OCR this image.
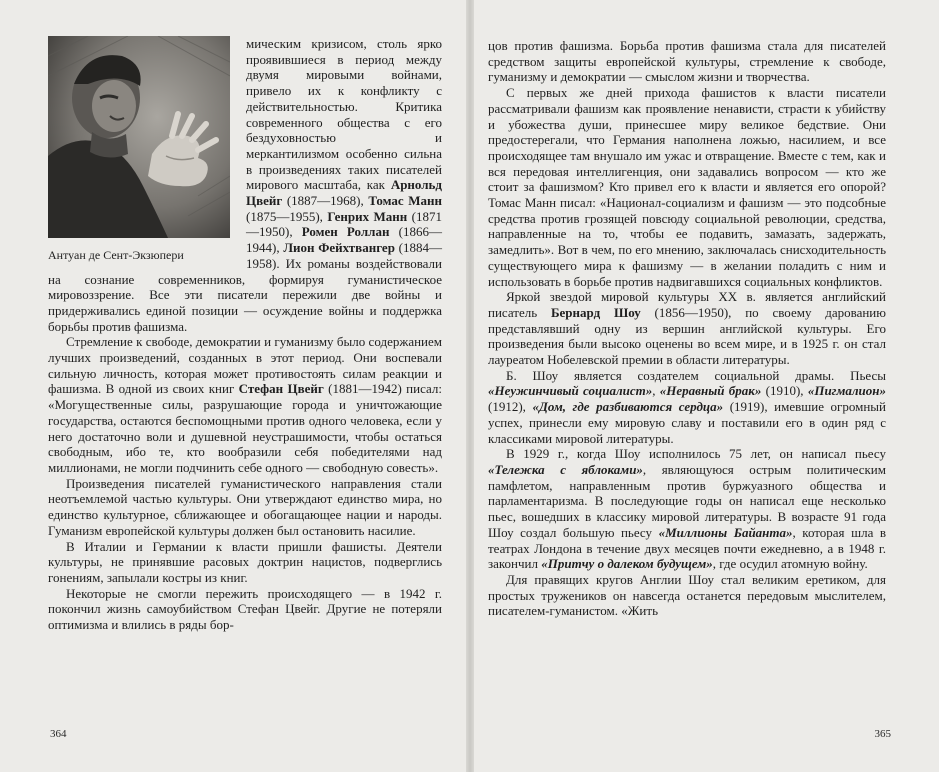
Антуан де Сент-Экзюпери

мическим кризисом, столь ярко проявившиеся в период между двумя мировыми войнами, привело их к конфликту с действительностью. Критика современного общества с его бездуховностью и меркантилизмом особенно сильна в произведениях таких писателей мирового масштаба, как Арнольд Цвейг (1887—1968), Томас Манн (1875—1955), Генрих Манн (1871—1950), Ромен Роллан (1866—1944), Лион Фейхтвангер (1884—1958). Их романы воздействовали на сознание современников, формируя гуманистическое мировоззрение. Все эти писатели пережили две войны и придерживались единой позиции — осуждение войны и поддержка борьбы против фашизма.

Стремление к свободе, демократии и гуманизму было содержанием лучших произведений, созданных в этот период. Они воспевали сильную личность, которая может противостоять силам реакции и фашизма. В одной из своих книг Стефан Цвейг (1881—1942) писал: «Могущественные силы, разрушающие города и уничтожающие государства, остаются беспомощными против одного человека, если у него достаточно воли и душевной неустрашимости, чтобы остаться свободным, ибо те, кто вообразили себя победителями над миллионами, не могли подчинить себе одного — свободную совесть».

Произведения писателей гуманистического направления стали неотъемлемой частью культуры. Они утверждают единство мира, но единство культурное, сближающее и обогащающее нации и народы. Гуманизм европейской культуры должен был остановить насилие.

В Италии и Германии к власти пришли фашисты. Деятели культуры, не принявшие расовых доктрин нацистов, подверглись гонениям, запылали костры из книг.

Некоторые не смогли пережить происходящего — в 1942 г. покончил жизнь самоубийством Стефан Цвейг. Другие не потеряли оптимизма и влились в ряды бор-

364

цов против фашизма. Борьба против фашизма стала для писателей средством защиты европейской культуры, стремление к свободе, гуманизму и демократии — смыслом жизни и творчества.

С первых же дней прихода фашистов к власти писатели рассматривали фашизм как проявление ненависти, страсти к убийству и убожества души, принесшее миру великое бедствие. Они предостерегали, что Германия наполнена ложью, насилием, и все происходящее там внушало им ужас и отвращение. Вместе с тем, как и вся передовая интеллигенция, они задавались вопросом — кто же стоит за фашизмом? Кто привел его к власти и является его опорой? Томас Манн писал: «Национал-социализм и фашизм — это подсобные средства против грозящей повсюду социальной революции, средства, направленные на то, чтобы ее подавить, замазать, задержать, замедлить». Вот в чем, по его мнению, заключалась снисходительность существующего мира к фашизму — в желании поладить с ним и использовать в борьбе против надвигавшихся социальных конфликтов.

Яркой звездой мировой культуры XX в. является английский писатель Бернард Шоу (1856—1950), по своему дарованию представлявший одну из вершин английской культуры. Его произведения были высоко оценены во всем мире, и в 1925 г. он стал лауреатом Нобелевской премии в области литературы.

Б. Шоу является создателем социальной драмы. Пьесы «Неужинчивый социалист», «Неравный брак» (1910), «Пигмалион» (1912), «Дом, где разбиваются сердца» (1919), имевшие огромный успех, принесли ему мировую славу и поставили его в один ряд с классиками мировой литературы.

В 1929 г., когда Шоу исполнилось 75 лет, он написал пьесу «Тележка с яблоками», являющуюся острым политическим памфлетом, направленным против буржуазного общества и парламентаризма. В последующие годы он написал еще несколько пьес, вошедших в классику мировой литературы. В возрасте 91 года Шоу создал большую пьесу «Миллионы Байанта», которая шла в театрах Лондона в течение двух месяцев почти ежедневно, а в 1948 г. закончил «Притчу о далеком будущем», где осудил атомную войну.

Для правящих кругов Англии Шоу стал великим еретиком, для простых тружеников он навсегда останется передовым мыслителем, писателем-гуманистом. «Жить

365
